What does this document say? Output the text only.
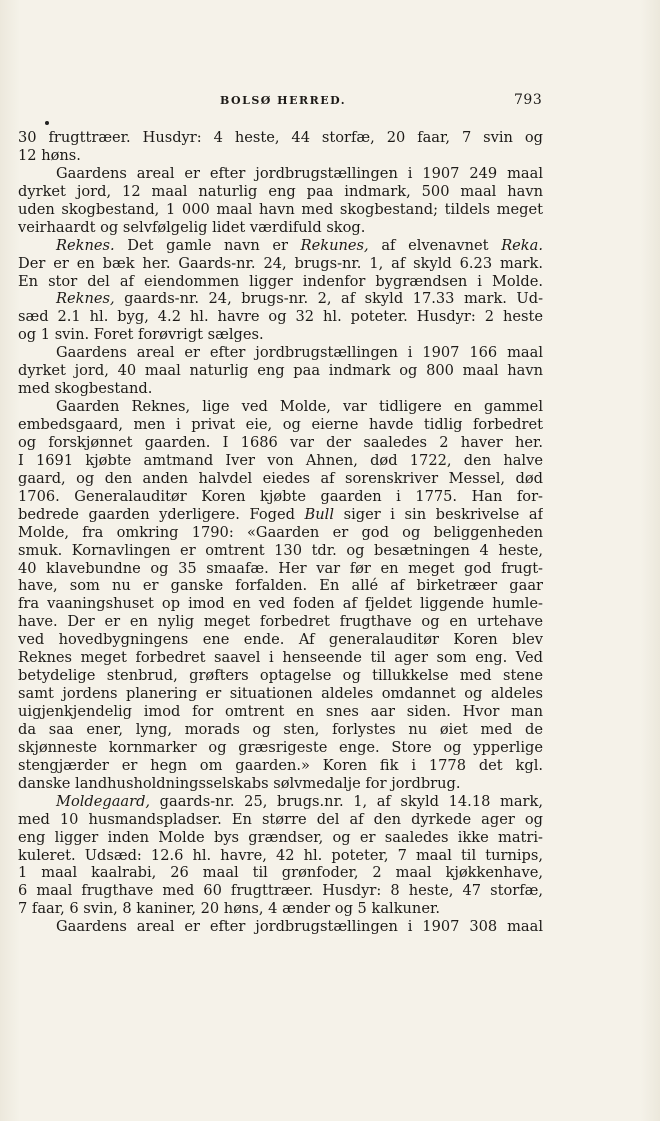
BOLSØ HERRED.	793
30 frugttræer. Husdyr: 4 heste, 44 storfæ, 20 faar, 7 svin og
12 høns.
Gaardens areal er efter jordbrugstællingen i 1907 249 maal
dyrket jord, 12 maal naturlig eng paa indmark, 500 maal havn
uden skogbestand, 1 000 maal havn med skogbestand; tildels meget
veirhaardt og selvfølgelig lidet værdifuld skog.
Reknes. Det gamle navn er Rekunes, af elvenavnet Reka.
Der er en bæk her. Gaards-nr. 24, brugs-nr. 1, af skyld 6.23 mark.
En stor del af eiendommen ligger indenfor bygrændsen i Molde.
Reknes, gaards-nr. 24, brugs-nr. 2, af skyld 17.33 mark. Ud-
sæd 2.1 hl. byg, 4.2 hl. havre og 32 hl. poteter. Husdyr: 2 heste
og 1 svin. Foret forøvrigt sælges.
Gaardens areal er efter jordbrugstællingen i 1907 166 maal
dyrket jord, 40 maal naturlig eng paa indmark og 800 maal havn
med skogbestand.
Gaarden Reknes, lige ved Molde, var tidligere en gammel
embedsgaard, men i privat eie, og eierne havde tidlig forbedret
og forskjønnet gaarden. I 1686 var der saaledes 2 haver her.
I 1691 kjøbte amtmand Iver von Ahnen, død 1722, den halve
gaard, og den anden halvdel eiedes af sorenskriver Messel, død
1706. Generalauditør Koren kjøbte gaarden i 1775. Han for-
bedrede gaarden yderligere. Foged Bull siger i sin beskrivelse af
Molde, fra omkring 1790: «Gaarden er god og beliggenheden
smuk. Kornavlingen er omtrent 130 tdr. og besætningen 4 heste,
40 klavebundne og 35 smaafæ. Her var før en meget god frugt-
have, som nu er ganske forfalden. En allé af birketræer gaar
fra vaaningshuset op imod en ved foden af fjeldet liggende humle-
have. Der er en nylig meget forbedret frugthave og en urtehave
ved hovedbygningens ene ende. Af generalauditør Koren blev
Reknes meget forbedret saavel i henseende til ager som eng. Ved
betydelige stenbrud, grøfters optagelse og tillukkelse med stene
samt jordens planering er situationen aldeles omdannet og aldeles
uigjenkjendelig imod for omtrent en snes aar siden. Hvor man
da saa ener, lyng, morads og sten, forlystes nu øiet med de
skjønneste kornmarker og græsrigeste enge. Store og ypperlige
stengjærder er hegn om gaarden.» Koren fik i 1778 det kgl.
danske landhusholdningsselskabs sølvmedalje for jordbrug.
Moldegaard, gaards-nr. 25, brugs.nr. 1, af skyld 14.18 mark,
med 10 husmandspladser. En større del af den dyrkede ager og
eng ligger inden Molde bys grændser, og er saaledes ikke matri-
kuleret. Udsæd: 12.6 hl. havre, 42 hl. poteter, 7 maal til turnips,
1 maal kaalrabi, 26 maal til grønfoder, 2 maal kjøkkenhave,
6 maal frugthave med 60 frugttræer. Husdyr: 8 heste, 47 storfæ,
7 faar, 6 svin, 8 kaniner, 20 høns, 4 ænder og 5 kalkuner.
Gaardens areal er efter jordbrugstællingen i 1907 308 maal
